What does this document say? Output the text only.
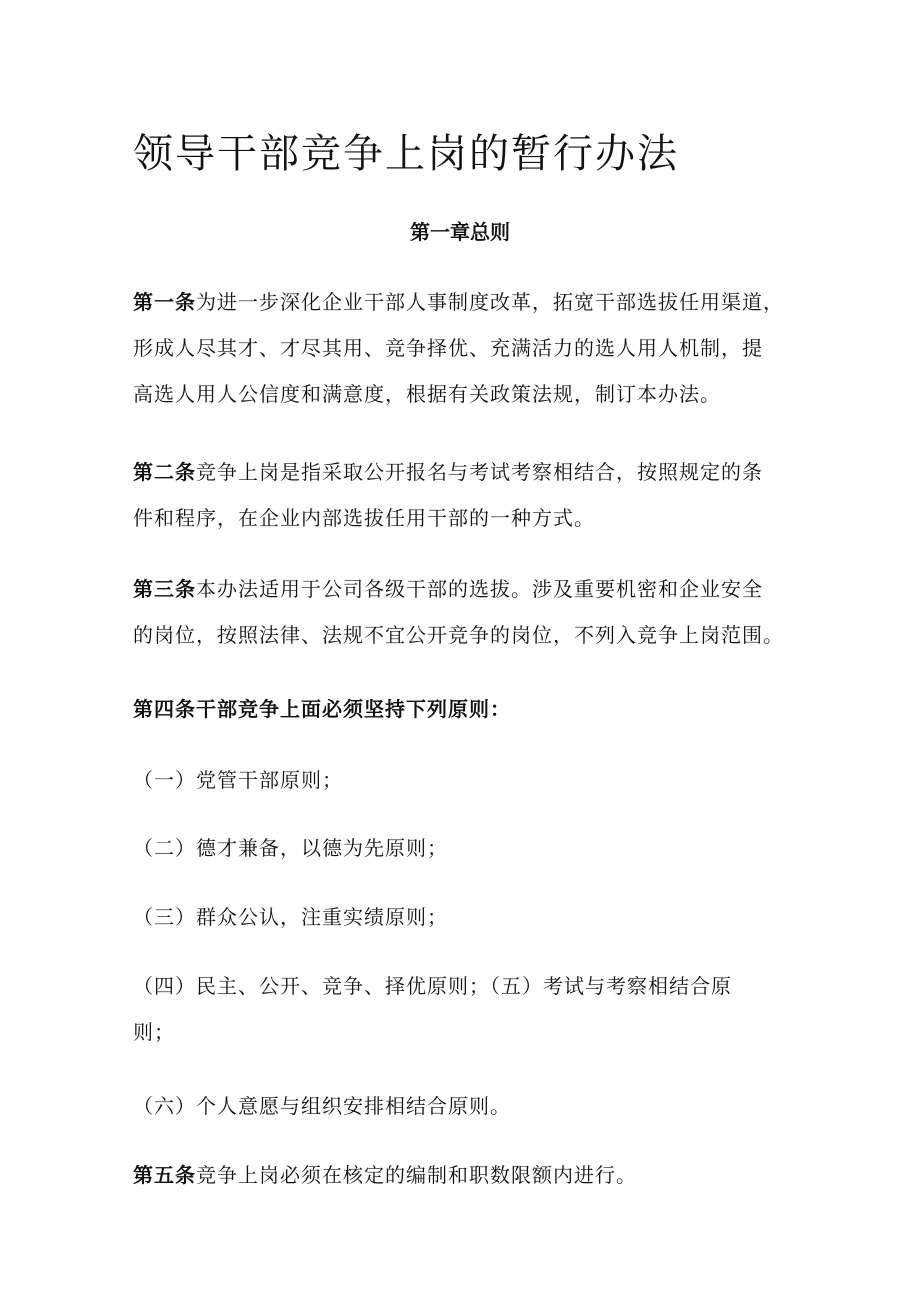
领导干部竞争上岗的暂行办法
第一章总则

第一条为进一步深化企业干部人事制度改革，拓宽干部选拔任用渠道，
形成人尽其才、才尽其用、竞争择优、充满活力的选人用人机制，提
高选人用人公信度和满意度，根据有关政策法规，制订本办法。

第二条竞争上岗是指采取公开报名与考试考察相结合，按照规定的条
件和程序，在企业内部选拔任用干部的一种方式。

第三条本办法适用于公司各级干部的选拔。涉及重要机密和企业安全
的岗位，按照法律、法规不宜公开竞争的岗位，不列入竞争上岗范围。

第四条干部竞争上面必须坚持下列原则：

（一）党管干部原则；

（二）德才兼备，以德为先原则；

（三）群众公认，注重实绩原则；

（四）民主、公开、竞争、择优原则；（五）考试与考察相结合原
则；

（六）个人意愿与组织安排相结合原则。

第五条竞争上岗必须在核定的编制和职数限额内进行。
